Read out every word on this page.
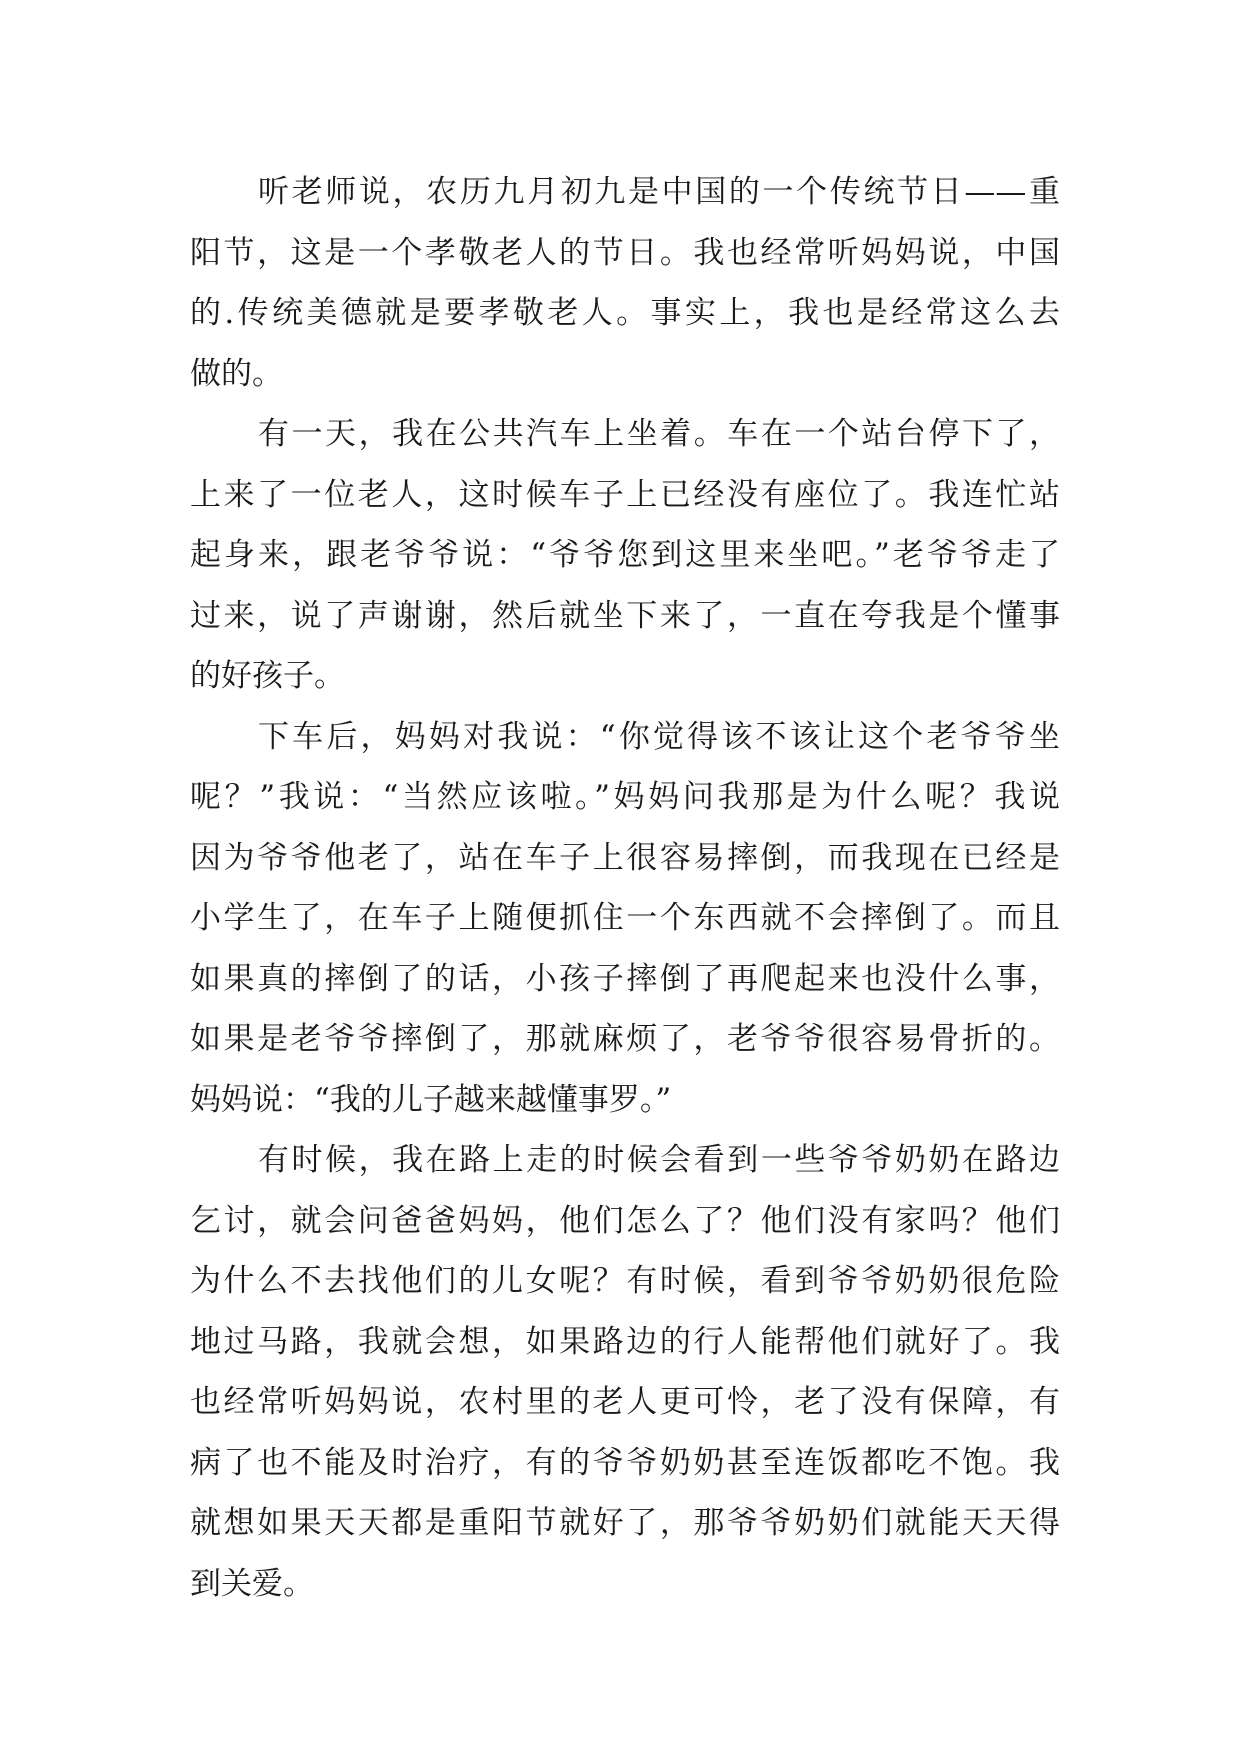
听老师说，农历九月初九是中国的一个传统节日——重
阳节，这是一个孝敬老人的节日。我也经常听妈妈说，中国
的.传统美德就是要孝敬老人。事实上，我也是经常这么去
做的。
有一天，我在公共汽车上坐着。车在一个站台停下了，
上来了一位老人，这时候车子上已经没有座位了。我连忙站
起身来，跟老爷爷说：“爷爷您到这里来坐吧。”老爷爷走了
过来，说了声谢谢，然后就坐下来了，一直在夸我是个懂事
的好孩子。
下车后，妈妈对我说：“你觉得该不该让这个老爷爷坐
呢？”我说：“当然应该啦。”妈妈问我那是为什么呢？我说
因为爷爷他老了，站在车子上很容易摔倒，而我现在已经是
小学生了，在车子上随便抓住一个东西就不会摔倒了。而且
如果真的摔倒了的话，小孩子摔倒了再爬起来也没什么事，
如果是老爷爷摔倒了，那就麻烦了，老爷爷很容易骨折的。
妈妈说：“我的儿子越来越懂事罗。”
有时候，我在路上走的时候会看到一些爷爷奶奶在路边
乞讨，就会问爸爸妈妈，他们怎么了？他们没有家吗？他们
为什么不去找他们的儿女呢？有时候，看到爷爷奶奶很危险
地过马路，我就会想，如果路边的行人能帮他们就好了。我
也经常听妈妈说，农村里的老人更可怜，老了没有保障，有
病了也不能及时治疗，有的爷爷奶奶甚至连饭都吃不饱。我
就想如果天天都是重阳节就好了，那爷爷奶奶们就能天天得
到关爱。
